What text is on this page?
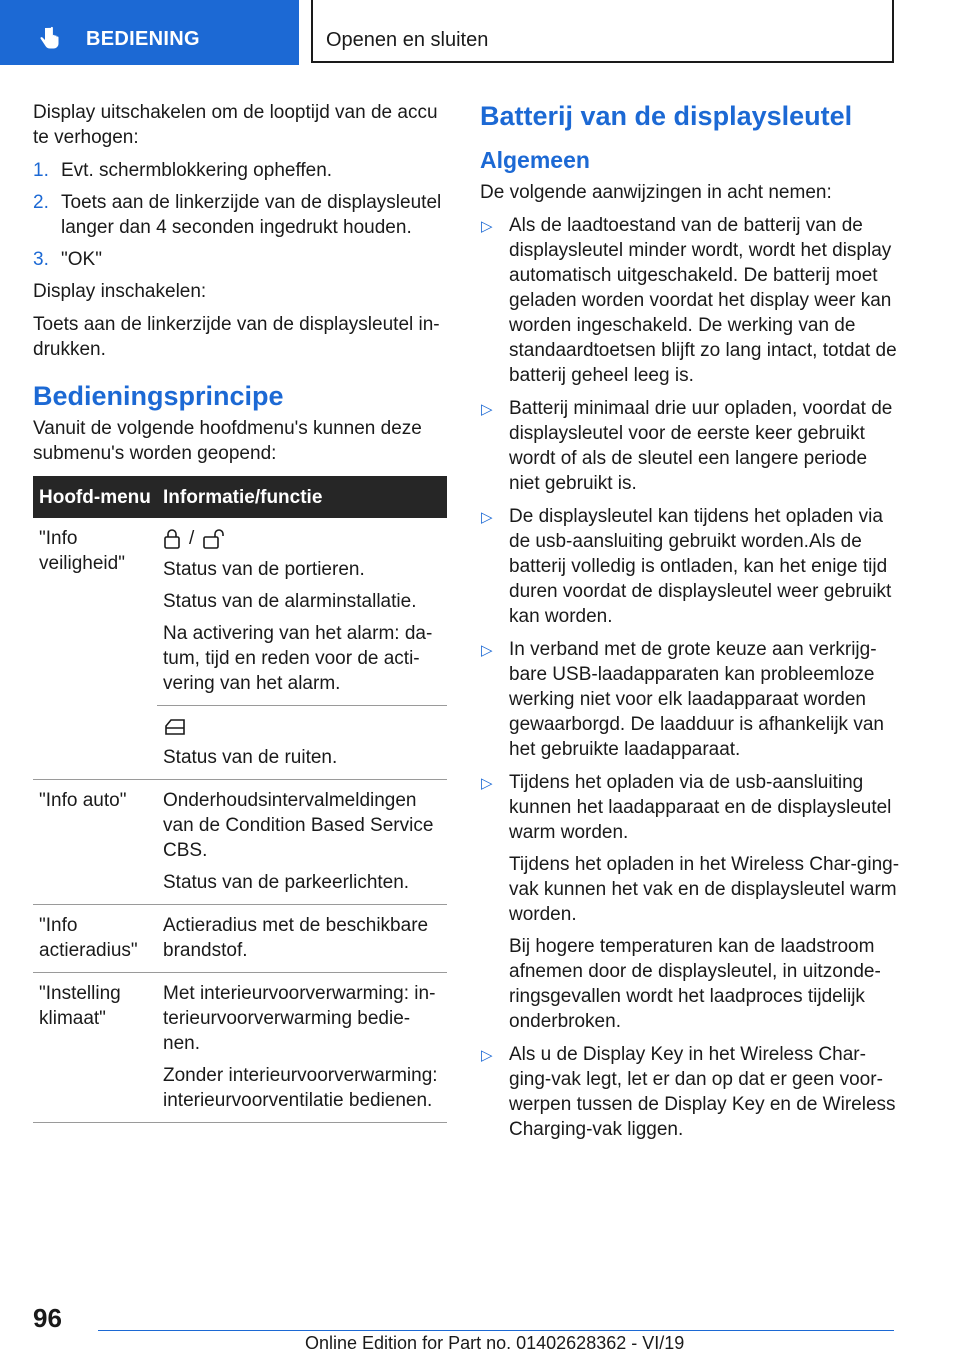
BEDIENING	Openen en sluiten

Display uitschakelen om de looptijd van de accu te verhogen:

1. Evt. schermblokkering opheffen.
2. Toets aan de linkerzijde van de displaysleutel langer dan 4 seconden ingedrukt houden.
3. "OK"

Display inschakelen:

Toets aan de linkerzijde van de displaysleutel in-drukken.

Bedieningsprincipe

Vanuit de volgende hoofdmenu's kunnen deze submenu's worden geopend:

Hoofd-menu	Informatie/functie
"Info veiligheid"	/

Status van de portieren.

Status van de alarminstallatie.

Na activering van het alarm: da-tum, tijd en reden voor de acti-vering van het alarm.

	Status van de ruiten.

"Info auto"	Onderhoudsintervalmeldingen van de Condition Based Service CBS.

Status van de parkeerlichten.

"Info actieradius"	Actieradius met de beschikbare brandstof.

"Instelling klimaat"	Met interieurvoorverwarming: in-terieurvoorverwarming bedie-nen.

Zonder interieurvoorverwarming: interieurvoorventilatie bedienen.

Batterij van de displaysleutel
Algemeen

De volgende aanwijzingen in acht nemen:

▷ Als de laadtoestand van de batterij van de displaysleutel minder wordt, wordt het display automatisch uitgeschakeld. De batterij moet geladen worden voordat het display weer kan worden ingeschakeld. De werking van de standaardtoetsen blijft zo lang intact, totdat de batterij geheel leeg is.

▷ Batterij minimaal drie uur opladen, voordat de displaysleutel voor de eerste keer gebruikt wordt of als de sleutel een langere periode niet gebruikt is.

▷ De displaysleutel kan tijdens het opladen via de usb-aansluiting gebruikt worden.Als de batterij volledig is ontladen, kan het enige tijd duren voordat de displaysleutel weer gebruikt kan worden.

▷ In verband met de grote keuze aan verkrijg-bare USB-laadapparaten kan probleemloze werking niet voor elk laadapparaat worden gewaarborgd. De laadduur is afhankelijk van het gebruikte laadapparaat.

▷ Tijdens het opladen via de usb-aansluiting kunnen het laadapparaat en de displaysleutel warm worden.

Tijdens het opladen in het Wireless Char-ging-vak kunnen het vak en de displaysleutel warm worden.

Bij hogere temperaturen kan de laadstroom afnemen door de displaysleutel, in uitzonde-ringsgevallen wordt het laadproces tijdelijk onderbroken.

▷ Als u de Display Key in het Wireless Char-ging-vak legt, let er dan op dat er geen voor-werpen tussen de Display Key en de Wireless Charging-vak liggen.

96
Online Edition for Part no. 01402628362 - VI/19
